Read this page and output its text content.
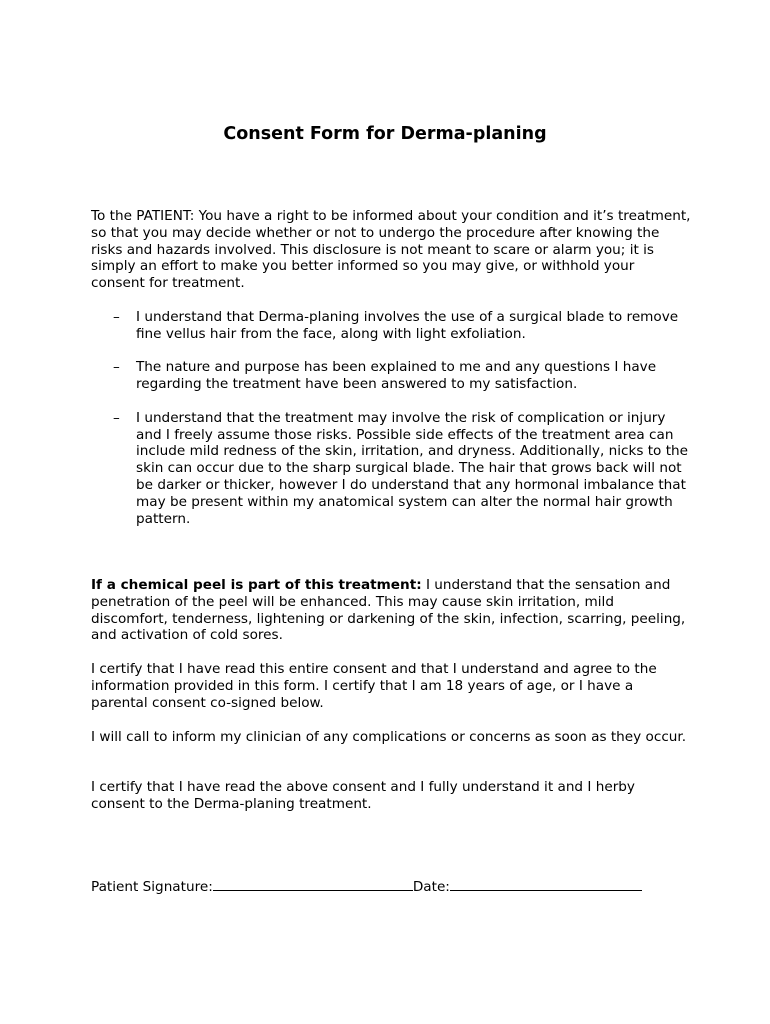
Consent Form for Derma-planing

To the PATIENT: You have a right to be informed about your condition and it’s treatment, so that you may decide whether or not to undergo the procedure after knowing the risks and hazards involved. This disclosure is not meant to scare or alarm you; it is simply an effort to make you better informed so you may give, or withhold your consent for treatment.

– I understand that Derma-planing involves the use of a surgical blade to remove fine vellus hair from the face, along with light exfoliation.
– The nature and purpose has been explained to me and any questions I have regarding the treatment have been answered to my satisfaction.
– I understand that the treatment may involve the risk of complication or injury and I freely assume those risks. Possible side effects of the treatment area can include mild redness of the skin, irritation, and dryness. Additionally, nicks to the skin can occur due to the sharp surgical blade. The hair that grows back will not be darker or thicker, however I do understand that any hormonal imbalance that may be present within my anatomical system can alter the normal hair growth pattern.

If a chemical peel is part of this treatment: I understand that the sensation and penetration of the peel will be enhanced. This may cause skin irritation, mild discomfort, tenderness, lightening or darkening of the skin, infection, scarring, peeling, and activation of cold sores.

I certify that I have read this entire consent and that I understand and agree to the information provided in this form. I certify that I am 18 years of age, or I have a parental consent co-signed below.

I will call to inform my clinician of any complications or concerns as soon as they occur.

I certify that I have read the above consent and I fully understand it and I herby consent to the Derma-planing treatment.

Patient Signature:	Date:
